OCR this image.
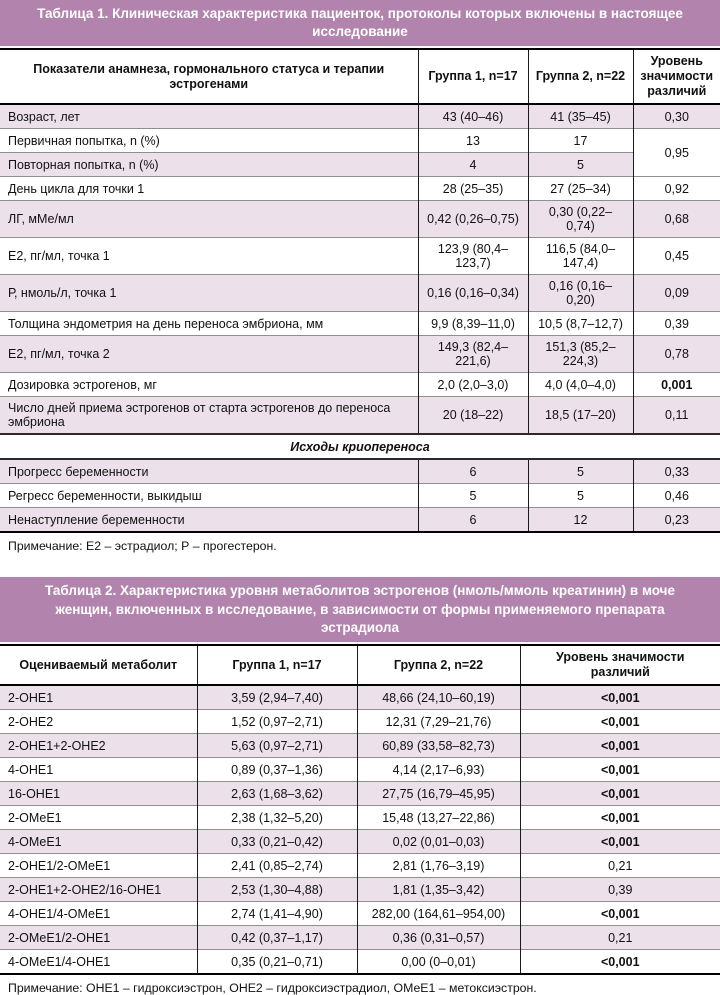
Таблица 1. Клиническая характеристика пациенток, протоколы которых включены в настоящее исследование
Показатели анамнеза, гормонального статуса и терапии эстрогенами	Группа 1, n=17	Группа 2, n=22	Уровень значимости различий
Возраст, лет	43 (40–46)	41 (35–45)	0,30
Первичная попытка, n (%)	13	17	0,95
Повторная попытка, n (%)	4	5	
День цикла для точки 1	28 (25–35)	27 (25–34)	0,92
ЛГ, мМе/мл	0,42 (0,26–0,75)	0,30 (0,22–0,74)	0,68
Е2, пг/мл, точка 1	123,9 (80,4–123,7)	116,5 (84,0–147,4)	0,45
Р, нмоль/л, точка 1	0,16 (0,16–0,34)	0,16 (0,16–0,20)	0,09
Толщина эндометрия на день переноса эмбриона, мм	9,9 (8,39–11,0)	10,5 (8,7–12,7)	0,39
Е2, пг/мл, точка 2	149,3 (82,4–221,6)	151,3 (85,2–224,3)	0,78
Дозировка эстрогенов, мг	2,0 (2,0–3,0)	4,0 (4,0–4,0)	0,001
Число дней приема эстрогенов от старта эстрогенов до переноса эмбриона	20 (18–22)	18,5 (17–20)	0,11
Исходы криопереноса			
Прогресс беременности	6	5	0,33
Регресс беременности, выкидыш	5	5	0,46
Ненаступление беременности	6	12	0,23
Примечание: Е2 – эстрадиол; Р – прогестерон.
Таблица 2. Характеристика уровня метаболитов эстрогенов (нмоль/ммоль креатинин) в моче женщин, включенных в исследование, в зависимости от формы применяемого препарата эстрадиола
Оцениваемый метаболит	Группа 1, n=17	Группа 2, n=22	Уровень значимости различий
2-ОНЕ1	3,59 (2,94–7,40)	48,66 (24,10–60,19)	<0,001
2-ОНЕ2	1,52 (0,97–2,71)	12,31 (7,29–21,76)	<0,001
2-ОНЕ1+2-ОНЕ2	5,63 (0,97–2,71)	60,89 (33,58–82,73)	<0,001
4-ОНЕ1	0,89 (0,37–1,36)	4,14 (2,17–6,93)	<0,001
16-ОНЕ1	2,63 (1,68–3,62)	27,75 (16,79–45,95)	<0,001
2-ОМеЕ1	2,38 (1,32–5,20)	15,48 (13,27–22,86)	<0,001
4-ОМеЕ1	0,33 (0,21–0,42)	0,02 (0,01–0,03)	<0,001
2-ОНЕ1/2-ОМеЕ1	2,41 (0,85–2,74)	2,81 (1,76–3,19)	0,21
2-ОНЕ1+2-ОНЕ2/16-ОНЕ1	2,53 (1,30–4,88)	1,81 (1,35–3,42)	0,39
4-ОНЕ1/4-ОМеЕ1	2,74 (1,41–4,90)	282,00 (164,61–954,00)	<0,001
2-ОМеЕ1/2-ОНЕ1	0,42 (0,37–1,17)	0,36 (0,31–0,57)	0,21
4-ОМеЕ1/4-ОНЕ1	0,35 (0,21–0,71)	0,00 (0–0,01)	<0,001
Примечание: ОНЕ1 – гидроксиэстрон, ОНЕ2 – гидроксиэстрадиол, ОМеЕ1 – метоксиэстрон.
